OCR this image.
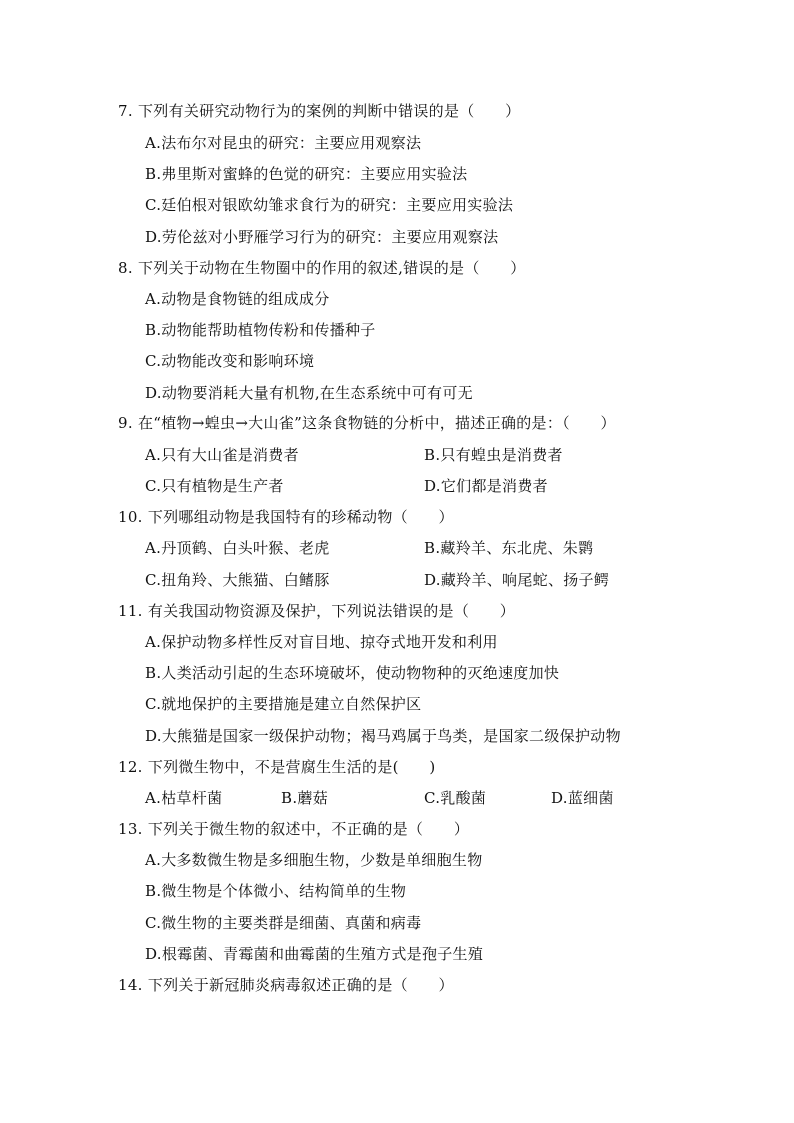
7. 下列有关研究动物行为的案例的判断中错误的是（　　）
A.法布尔对昆虫的研究：主要应用观察法
B.弗里斯对蜜蜂的色觉的研究：主要应用实验法
C.廷伯根对银欧幼雏求食行为的研究：主要应用实验法
D.劳伦兹对小野雁学习行为的研究：主要应用观察法
8. 下列关于动物在生物圈中的作用的叙述,错误的是（　　）
A.动物是食物链的组成成分
B.动物能帮助植物传粉和传播种子
C.动物能改变和影响环境
D.动物要消耗大量有机物,在生态系统中可有可无
9. 在“植物→蝗虫→大山雀”这条食物链的分析中，描述正确的是：（　　）
A.只有大山雀是消费者	B.只有蝗虫是消费者
C.只有植物是生产者	D.它们都是消费者
10. 下列哪组动物是我国特有的珍稀动物（　　）
A.丹顶鹤、白头叶猴、老虎	B.藏羚羊、东北虎、朱鹮
C.扭角羚、大熊猫、白鳍豚	D.藏羚羊、响尾蛇、扬子鳄
11. 有关我国动物资源及保护，下列说法错误的是（　　）
A.保护动物多样性反对盲目地、掠夺式地开发和利用
B.人类活动引起的生态环境破坏，使动物物种的灭绝速度加快
C.就地保护的主要措施是建立自然保护区
D.大熊猫是国家一级保护动物；褐马鸡属于鸟类，是国家二级保护动物
12. 下列微生物中，不是营腐生生活的是(　　)
A.枯草杆菌	B.蘑菇	C.乳酸菌	D.蓝细菌
13. 下列关于微生物的叙述中，不正确的是（　　）
A.大多数微生物是多细胞生物，少数是单细胞生物
B.微生物是个体微小、结构简单的生物
C.微生物的主要类群是细菌、真菌和病毒
D.根霉菌、青霉菌和曲霉菌的生殖方式是孢子生殖
14. 下列关于新冠肺炎病毒叙述正确的是（　　）
